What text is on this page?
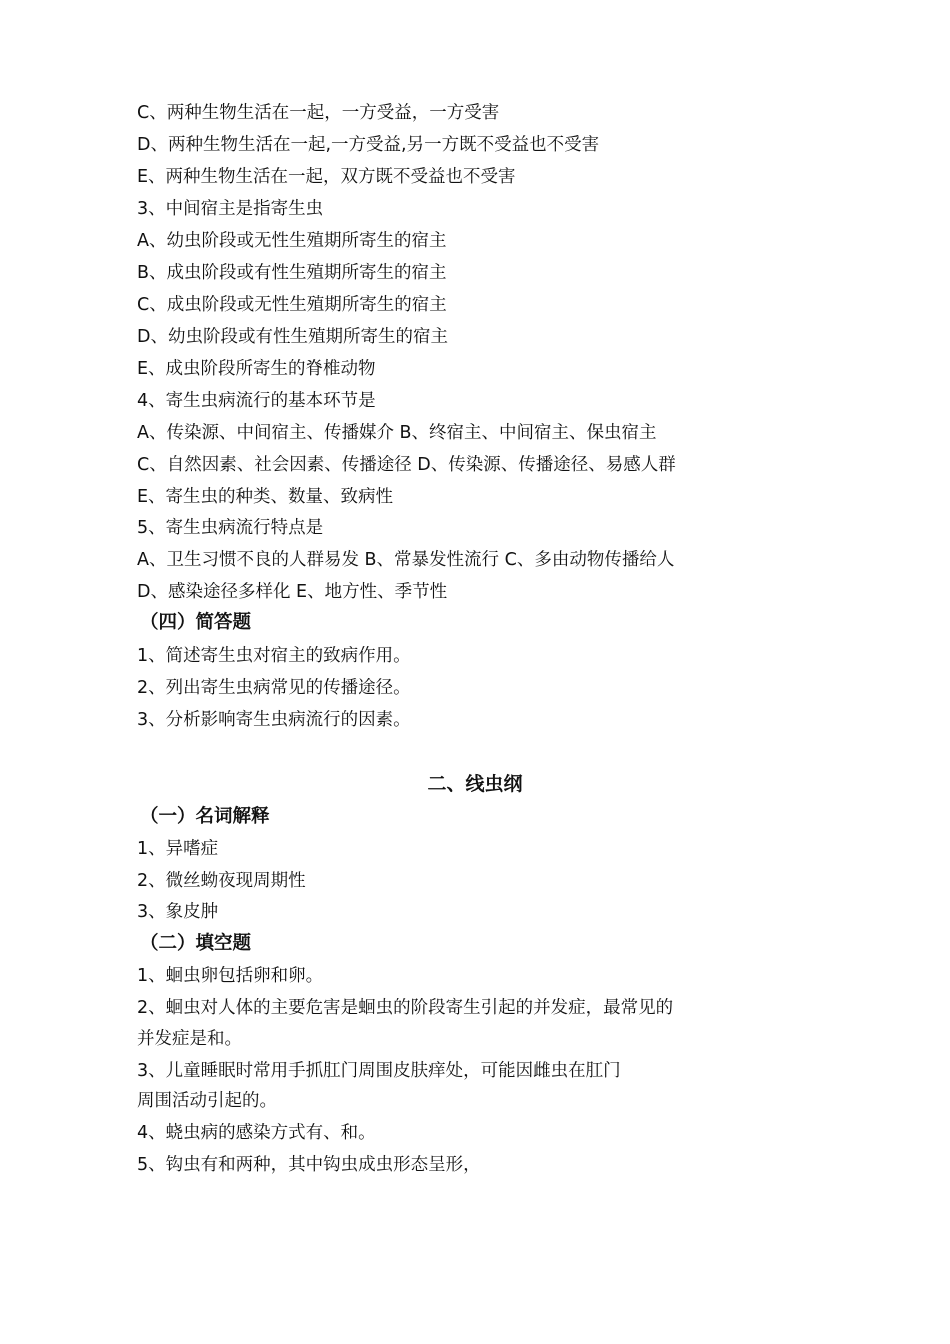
C、两种生物生活在一起，一方受益，一方受害
D、两种生物生活在一起,一方受益,另一方既不受益也不受害
E、两种生物生活在一起，双方既不受益也不受害
3、中间宿主是指寄生虫
A、幼虫阶段或无性生殖期所寄生的宿主
B、成虫阶段或有性生殖期所寄生的宿主
C、成虫阶段或无性生殖期所寄生的宿主
D、幼虫阶段或有性生殖期所寄生的宿主
E、成虫阶段所寄生的脊椎动物
4、寄生虫病流行的基本环节是
A、传染源、中间宿主、传播媒介 B、终宿主、中间宿主、保虫宿主
C、自然因素、社会因素、传播途径 D、传染源、传播途径、易感人群
E、寄生虫的种类、数量、致病性
5、寄生虫病流行特点是
A、卫生习惯不良的人群易发 B、常暴发性流行 C、多由动物传播给人
D、感染途径多样化 E、地方性、季节性
（四）简答题
1、简述寄生虫对宿主的致病作用。
2、列出寄生虫病常见的传播途径。
3、分析影响寄生虫病流行的因素。
二、线虫纲
（一）名词解释
1、异嗜症
2、微丝蚴夜现周期性
3、象皮肿
（二）填空题
1、蛔虫卵包括卵和卵。
2、蛔虫对人体的主要危害是蛔虫的阶段寄生引起的并发症，最常见的
并发症是和。
3、儿童睡眠时常用手抓肛门周围皮肤痒处，可能因雌虫在肛门
周围活动引起的。
4、蛲虫病的感染方式有、和。
5、钩虫有和两种，其中钩虫成虫形态呈形，
